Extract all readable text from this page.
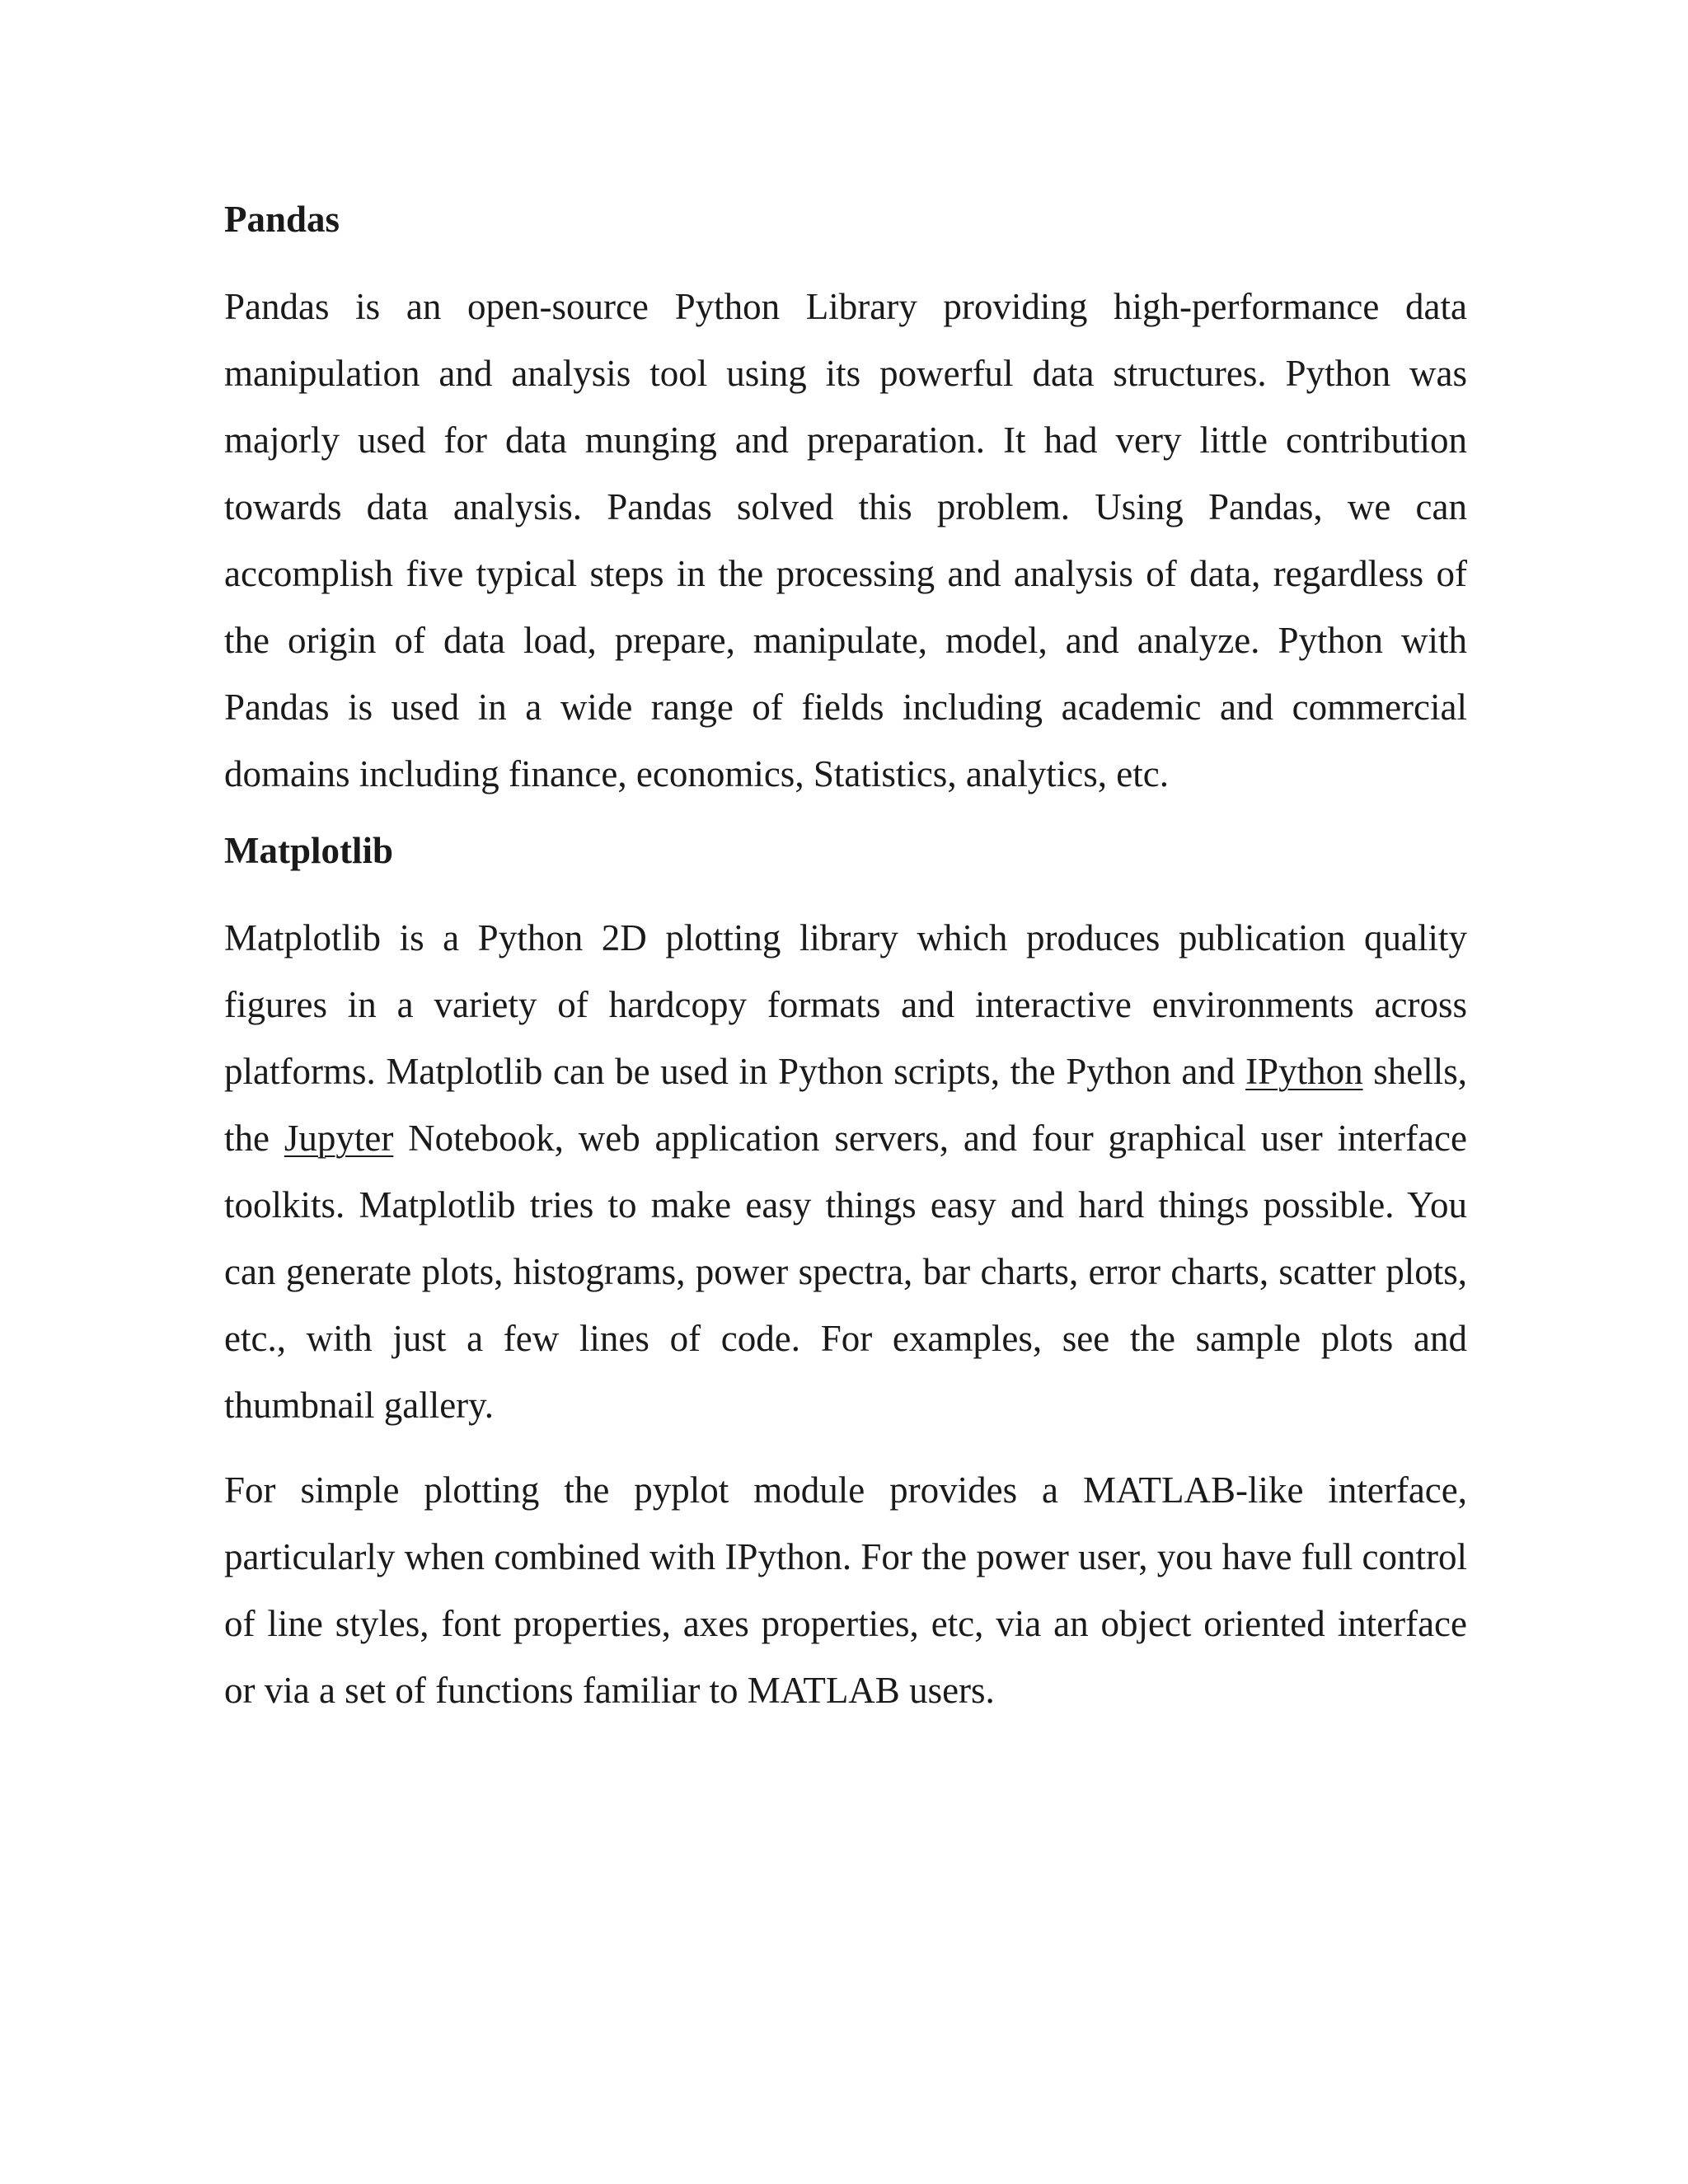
Pandas

Pandas is an open-source Python Library providing high-performance data manipulation and analysis tool using its powerful data structures. Python was majorly used for data munging and preparation. It had very little contribution towards data analysis. Pandas solved this problem. Using Pandas, we can accomplish five typical steps in the processing and analysis of data, regardless of the origin of data load, prepare, manipulate, model, and analyze. Python with Pandas is used in a wide range of fields including academic and commercial domains including finance, economics, Statistics, analytics, etc.

Matplotlib

Matplotlib is a Python 2D plotting library which produces publication quality figures in a variety of hardcopy formats and interactive environments across platforms. Matplotlib can be used in Python scripts, the Python and IPython shells, the Jupyter Notebook, web application servers, and four graphical user interface toolkits. Matplotlib tries to make easy things easy and hard things possible. You can generate plots, histograms, power spectra, bar charts, error charts, scatter plots, etc., with just a few lines of code. For examples, see the sample plots and thumbnail gallery.

For simple plotting the pyplot module provides a MATLAB-like interface, particularly when combined with IPython. For the power user, you have full control of line styles, font properties, axes properties, etc, via an object oriented interface or via a set of functions familiar to MATLAB users.
